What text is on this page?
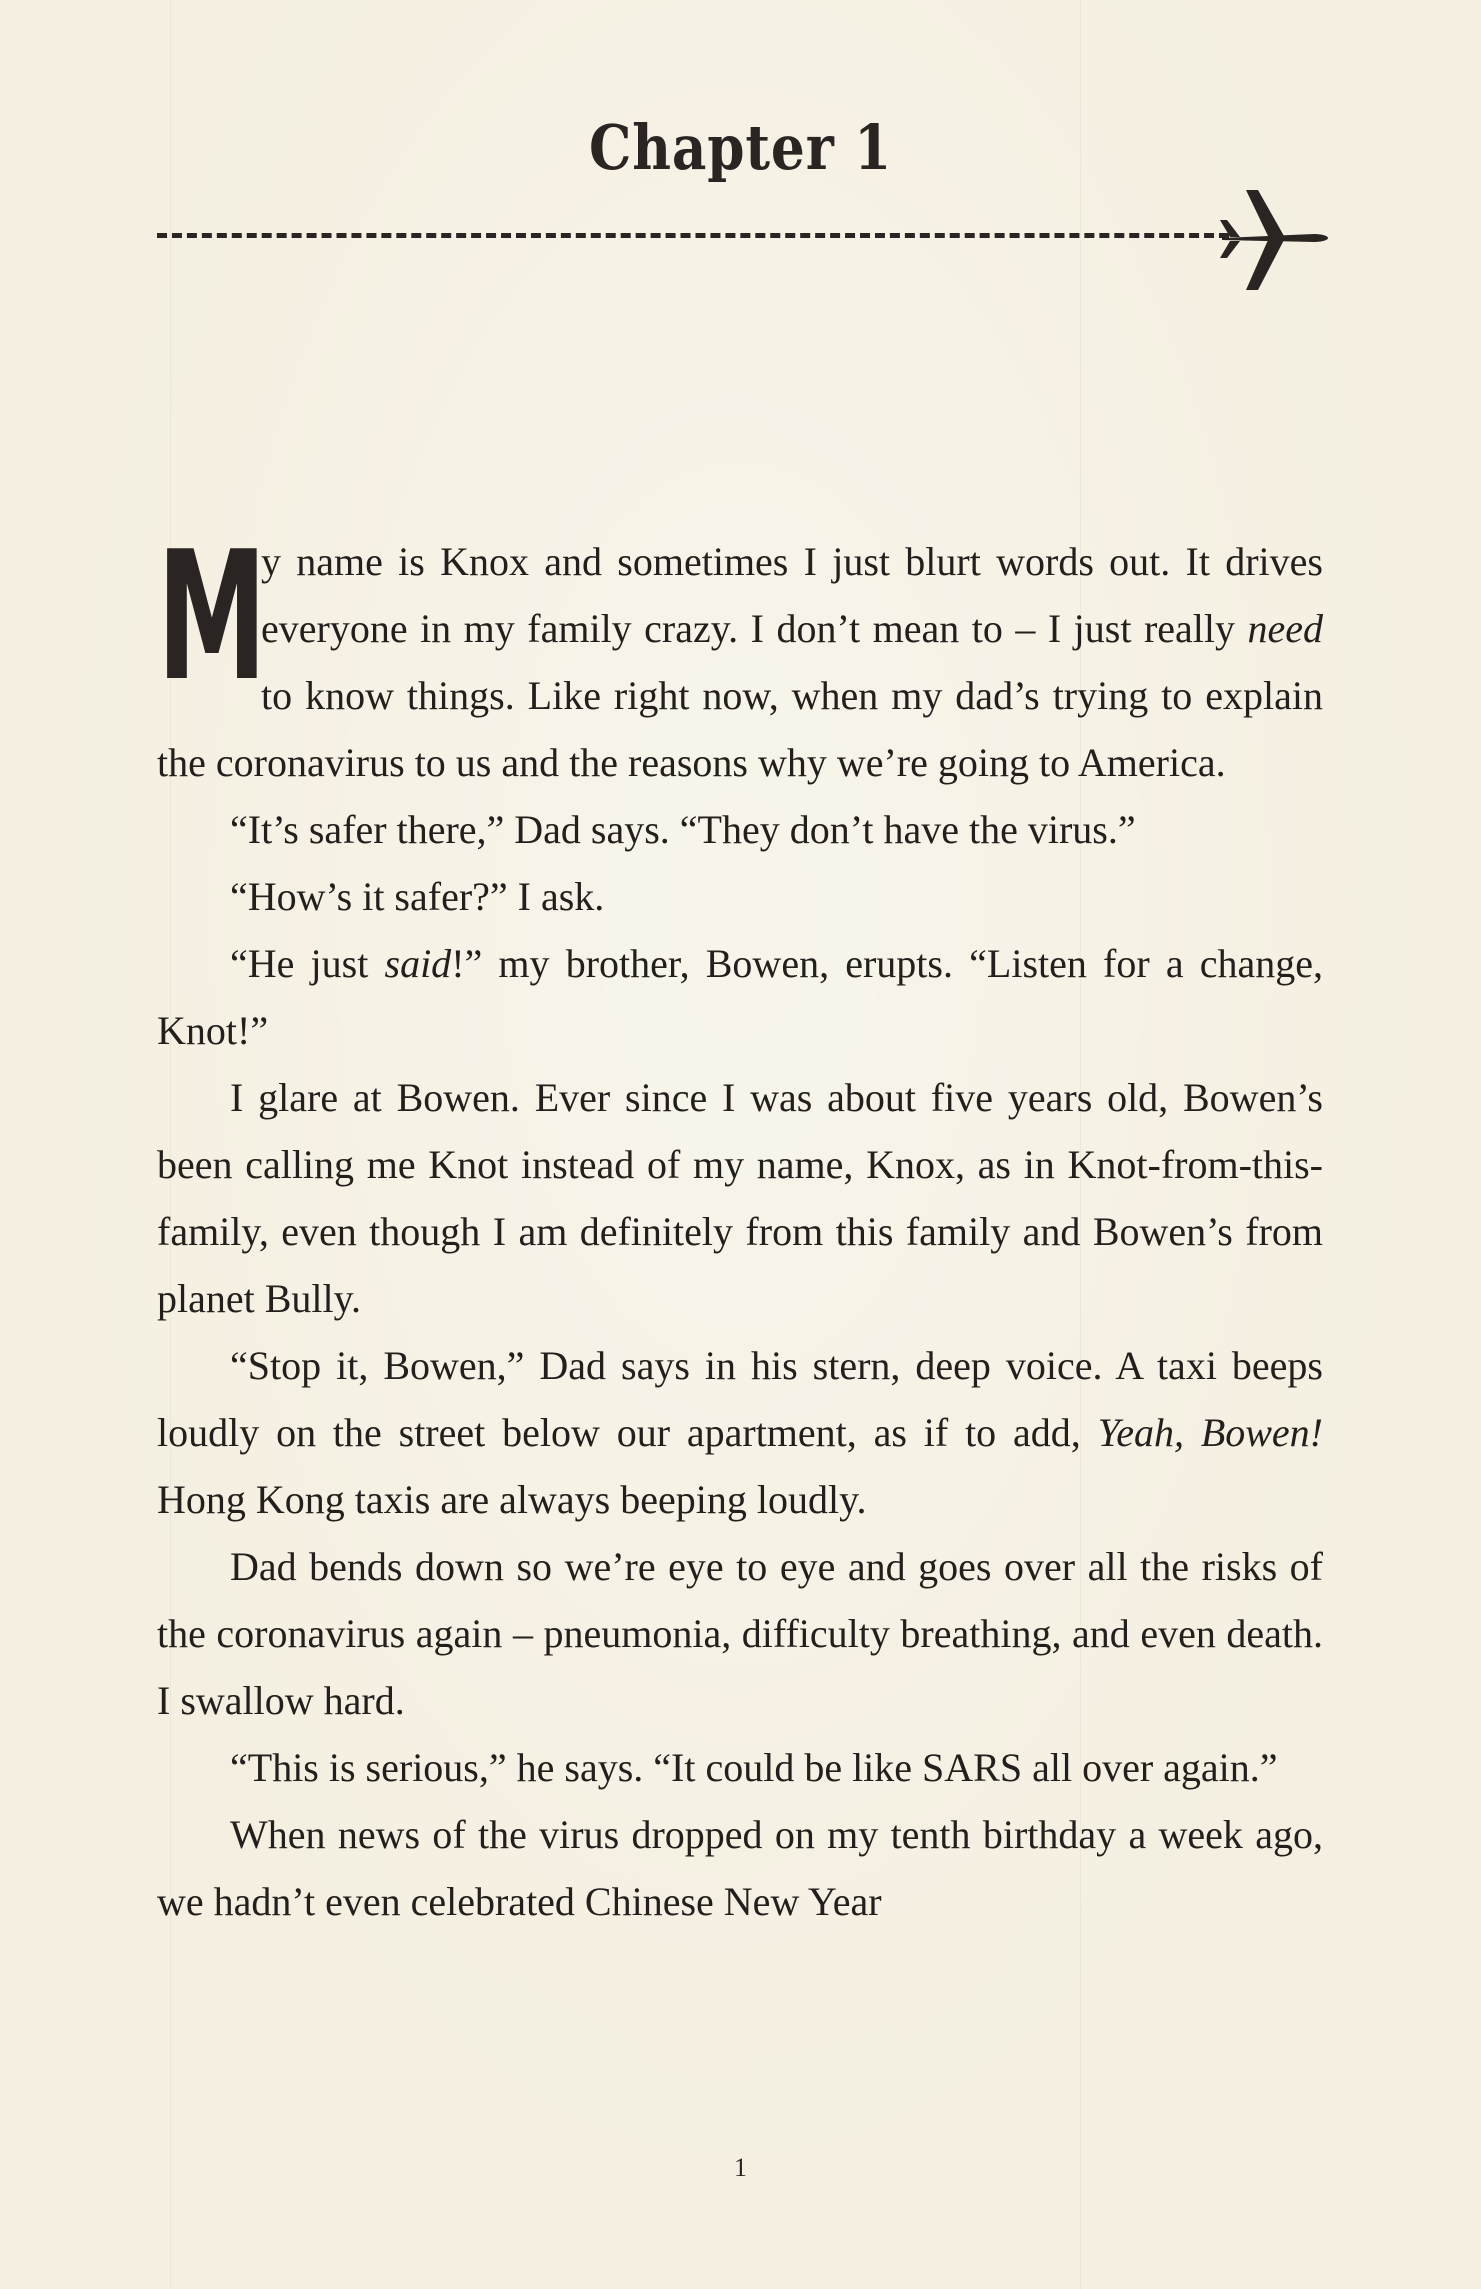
Chapter 1

M
y name is Knox and sometimes I just blurt words out. It drives everyone in my family crazy. I don’t mean to – I just really need to know things. Like right now, when my dad’s trying to explain the coronavirus to us and the reasons why we’re going to America.

“It’s safer there,” Dad says. “They don’t have the virus.”

“How’s it safer?” I ask.

“He just said!” my brother, Bowen, erupts. “Listen for a change, Knot!”

I glare at Bowen. Ever since I was about five years old, Bowen’s been calling me Knot instead of my name, Knox, as in Knot-from-this-family, even though I am definitely from this family and Bowen’s from planet Bully.

“Stop it, Bowen,” Dad says in his stern, deep voice. A taxi beeps loudly on the street below our apartment, as if to add, Yeah, Bowen! Hong Kong taxis are always beeping loudly.

Dad bends down so we’re eye to eye and goes over all the risks of the coronavirus again – pneumonia, difficulty breathing, and even death. I swallow hard.

“This is serious,” he says. “It could be like SARS all over again.”

When news of the virus dropped on my tenth birthday a week ago, we hadn’t even celebrated Chinese New Year

1
